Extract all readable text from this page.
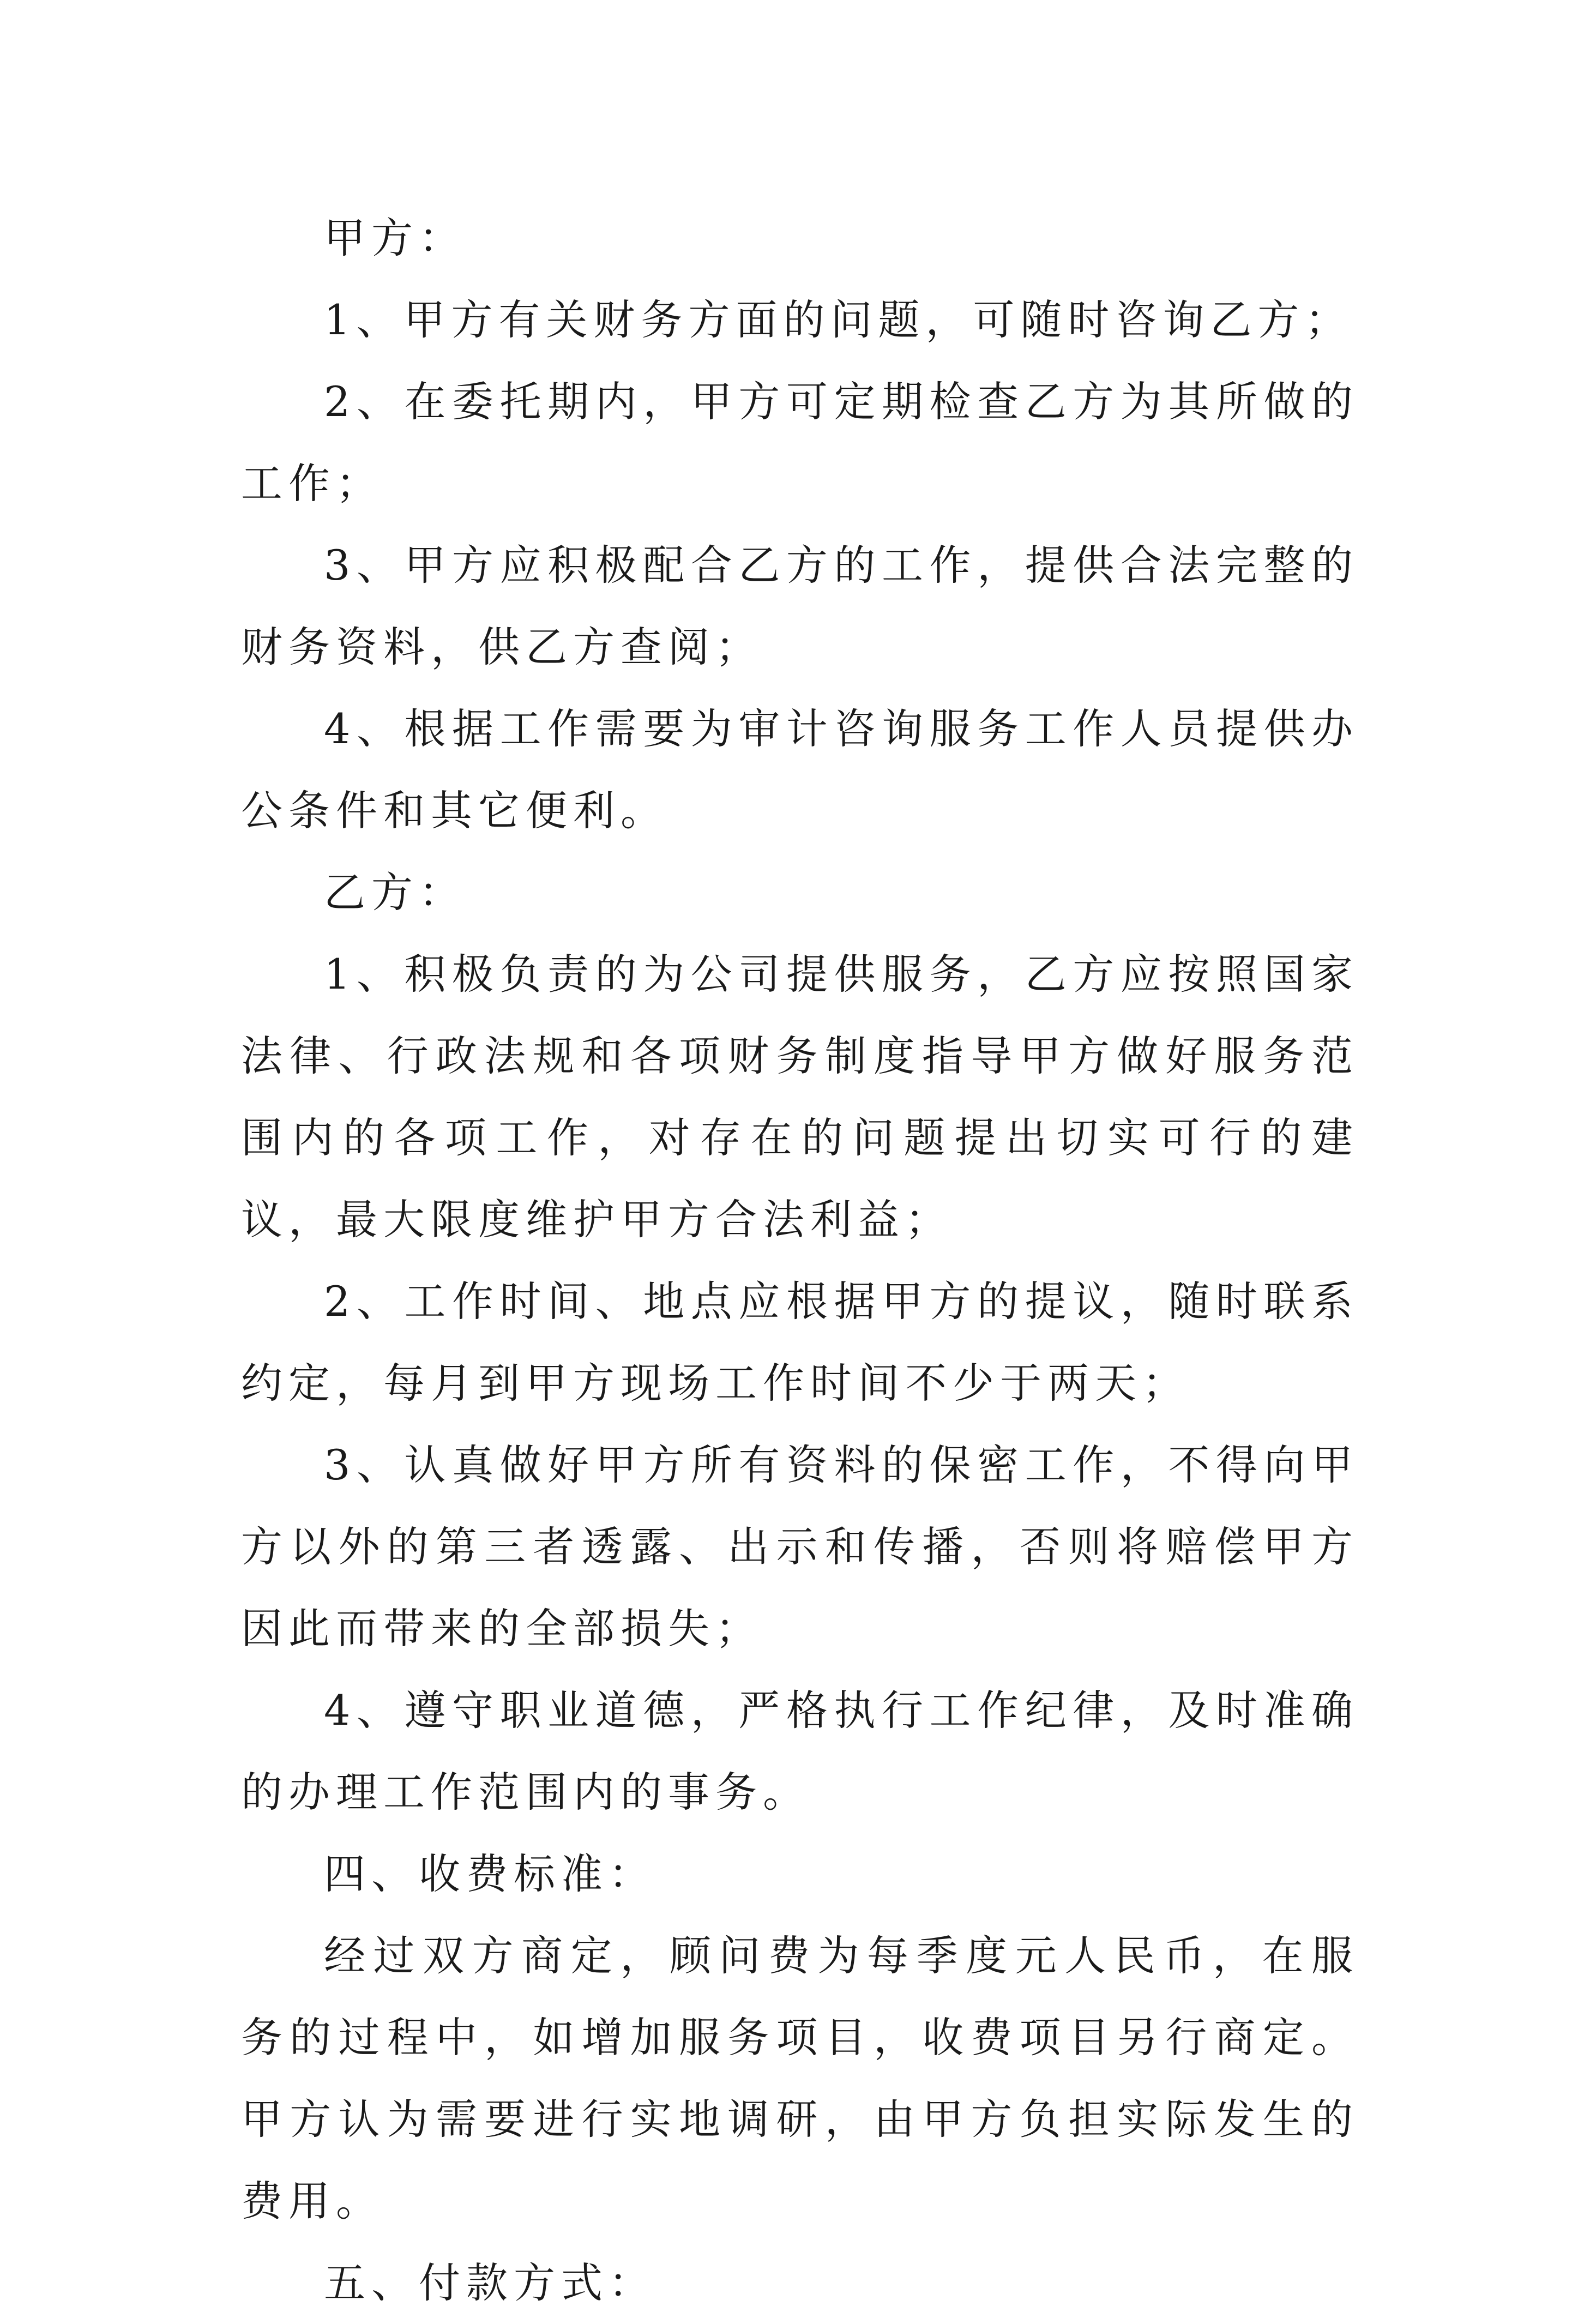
甲方：

1、甲方有关财务方面的问题，可随时咨询乙方；

2、在委托期内，甲方可定期检查乙方为其所做的工作；

3、甲方应积极配合乙方的工作，提供合法完整的财务资料，供乙方查阅；

4、根据工作需要为审计咨询服务工作人员提供办公条件和其它便利。

乙方：

1、积极负责的为公司提供服务，乙方应按照国家法律、行政法规和各项财务制度指导甲方做好服务范围内的各项工作，对存在的问题提出切实可行的建议，最大限度维护甲方合法利益；

2、工作时间、地点应根据甲方的提议，随时联系约定，每月到甲方现场工作时间不少于两天；

3、认真做好甲方所有资料的保密工作，不得向甲方以外的第三者透露、出示和传播，否则将赔偿甲方因此而带来的全部损失；

4、遵守职业道德，严格执行工作纪律，及时准确的办理工作范围内的事务。

四、收费标准：

经过双方商定，顾问费为每季度元人民币，在服务的过程中，如增加服务项目，收费项目另行商定。甲方认为需要进行实地调研，由甲方负担实际发生的费用。

五、付款方式：
